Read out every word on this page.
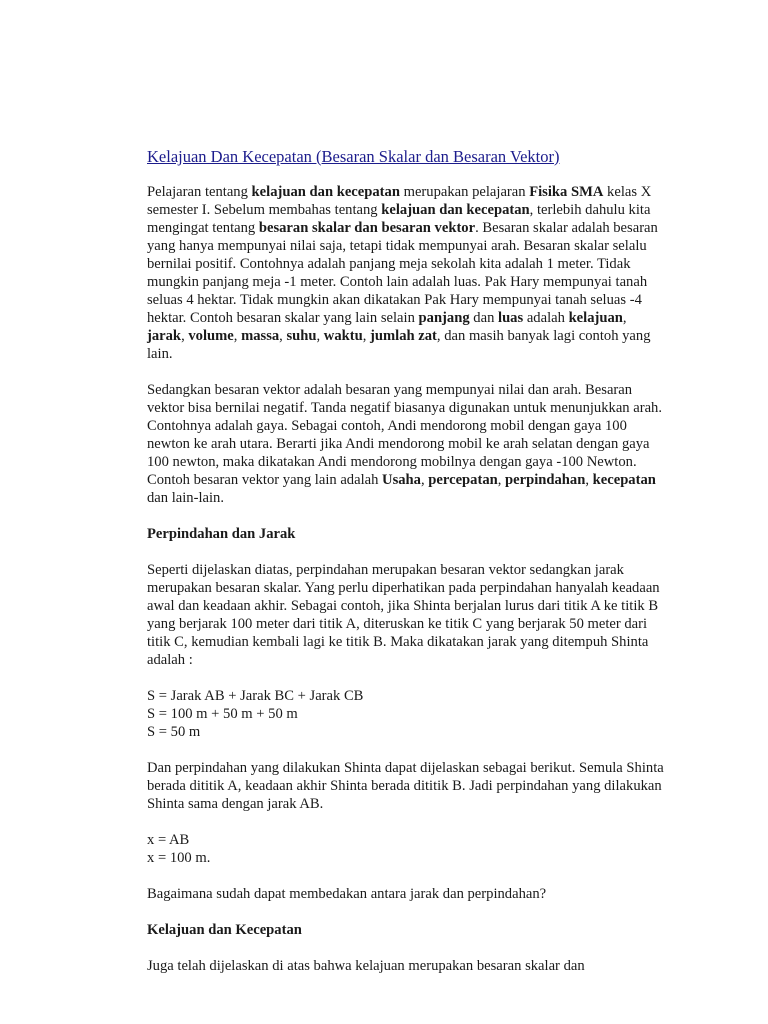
Kelajuan Dan Kecepatan (Besaran Skalar dan Besaran Vektor)

Pelajaran tentang kelajuan dan kecepatan merupakan pelajaran Fisika SMA kelas X semester I. Sebelum membahas tentang kelajuan dan kecepatan, terlebih dahulu kita mengingat tentang besaran skalar dan besaran vektor. Besaran skalar adalah besaran yang hanya mempunyai nilai saja, tetapi tidak mempunyai arah. Besaran skalar selalu bernilai positif. Contohnya adalah panjang meja sekolah kita adalah 1 meter. Tidak mungkin panjang meja -1 meter. Contoh lain adalah luas. Pak Hary mempunyai tanah seluas 4 hektar. Tidak mungkin akan dikatakan Pak Hary mempunyai tanah seluas -4 hektar. Contoh besaran skalar yang lain selain panjang dan luas adalah kelajuan, jarak, volume, massa, suhu, waktu, jumlah zat, dan masih banyak lagi contoh yang lain.

Sedangkan besaran vektor adalah besaran yang mempunyai nilai dan arah. Besaran vektor bisa bernilai negatif. Tanda negatif biasanya digunakan untuk menunjukkan arah. Contohnya adalah gaya. Sebagai contoh, Andi mendorong mobil dengan gaya 100 newton ke arah utara. Berarti jika Andi mendorong mobil ke arah selatan dengan gaya 100 newton, maka dikatakan Andi mendorong mobilnya dengan gaya -100 Newton. Contoh besaran vektor yang lain adalah Usaha, percepatan, perpindahan, kecepatan dan lain-lain.

Perpindahan dan Jarak

Seperti dijelaskan diatas, perpindahan merupakan besaran vektor sedangkan jarak merupakan besaran skalar. Yang perlu diperhatikan pada perpindahan hanyalah keadaan awal dan keadaan akhir. Sebagai contoh, jika Shinta berjalan lurus dari titik A ke titik B yang berjarak 100 meter dari titik A, diteruskan ke titik C yang berjarak 50 meter dari titik C, kemudian kembali lagi ke titik B. Maka dikatakan jarak yang ditempuh Shinta adalah :

S = Jarak AB + Jarak BC + Jarak CB
S = 100 m + 50 m + 50 m
S = 50 m

Dan perpindahan yang dilakukan Shinta dapat dijelaskan sebagai berikut. Semula Shinta berada dititik A, keadaan akhir Shinta berada dititik B. Jadi perpindahan yang dilakukan Shinta sama dengan jarak AB.

x = AB
x = 100 m.

Bagaimana sudah dapat membedakan antara jarak dan perpindahan?

Kelajuan dan Kecepatan

Juga telah dijelaskan di atas bahwa kelajuan merupakan besaran skalar dan
